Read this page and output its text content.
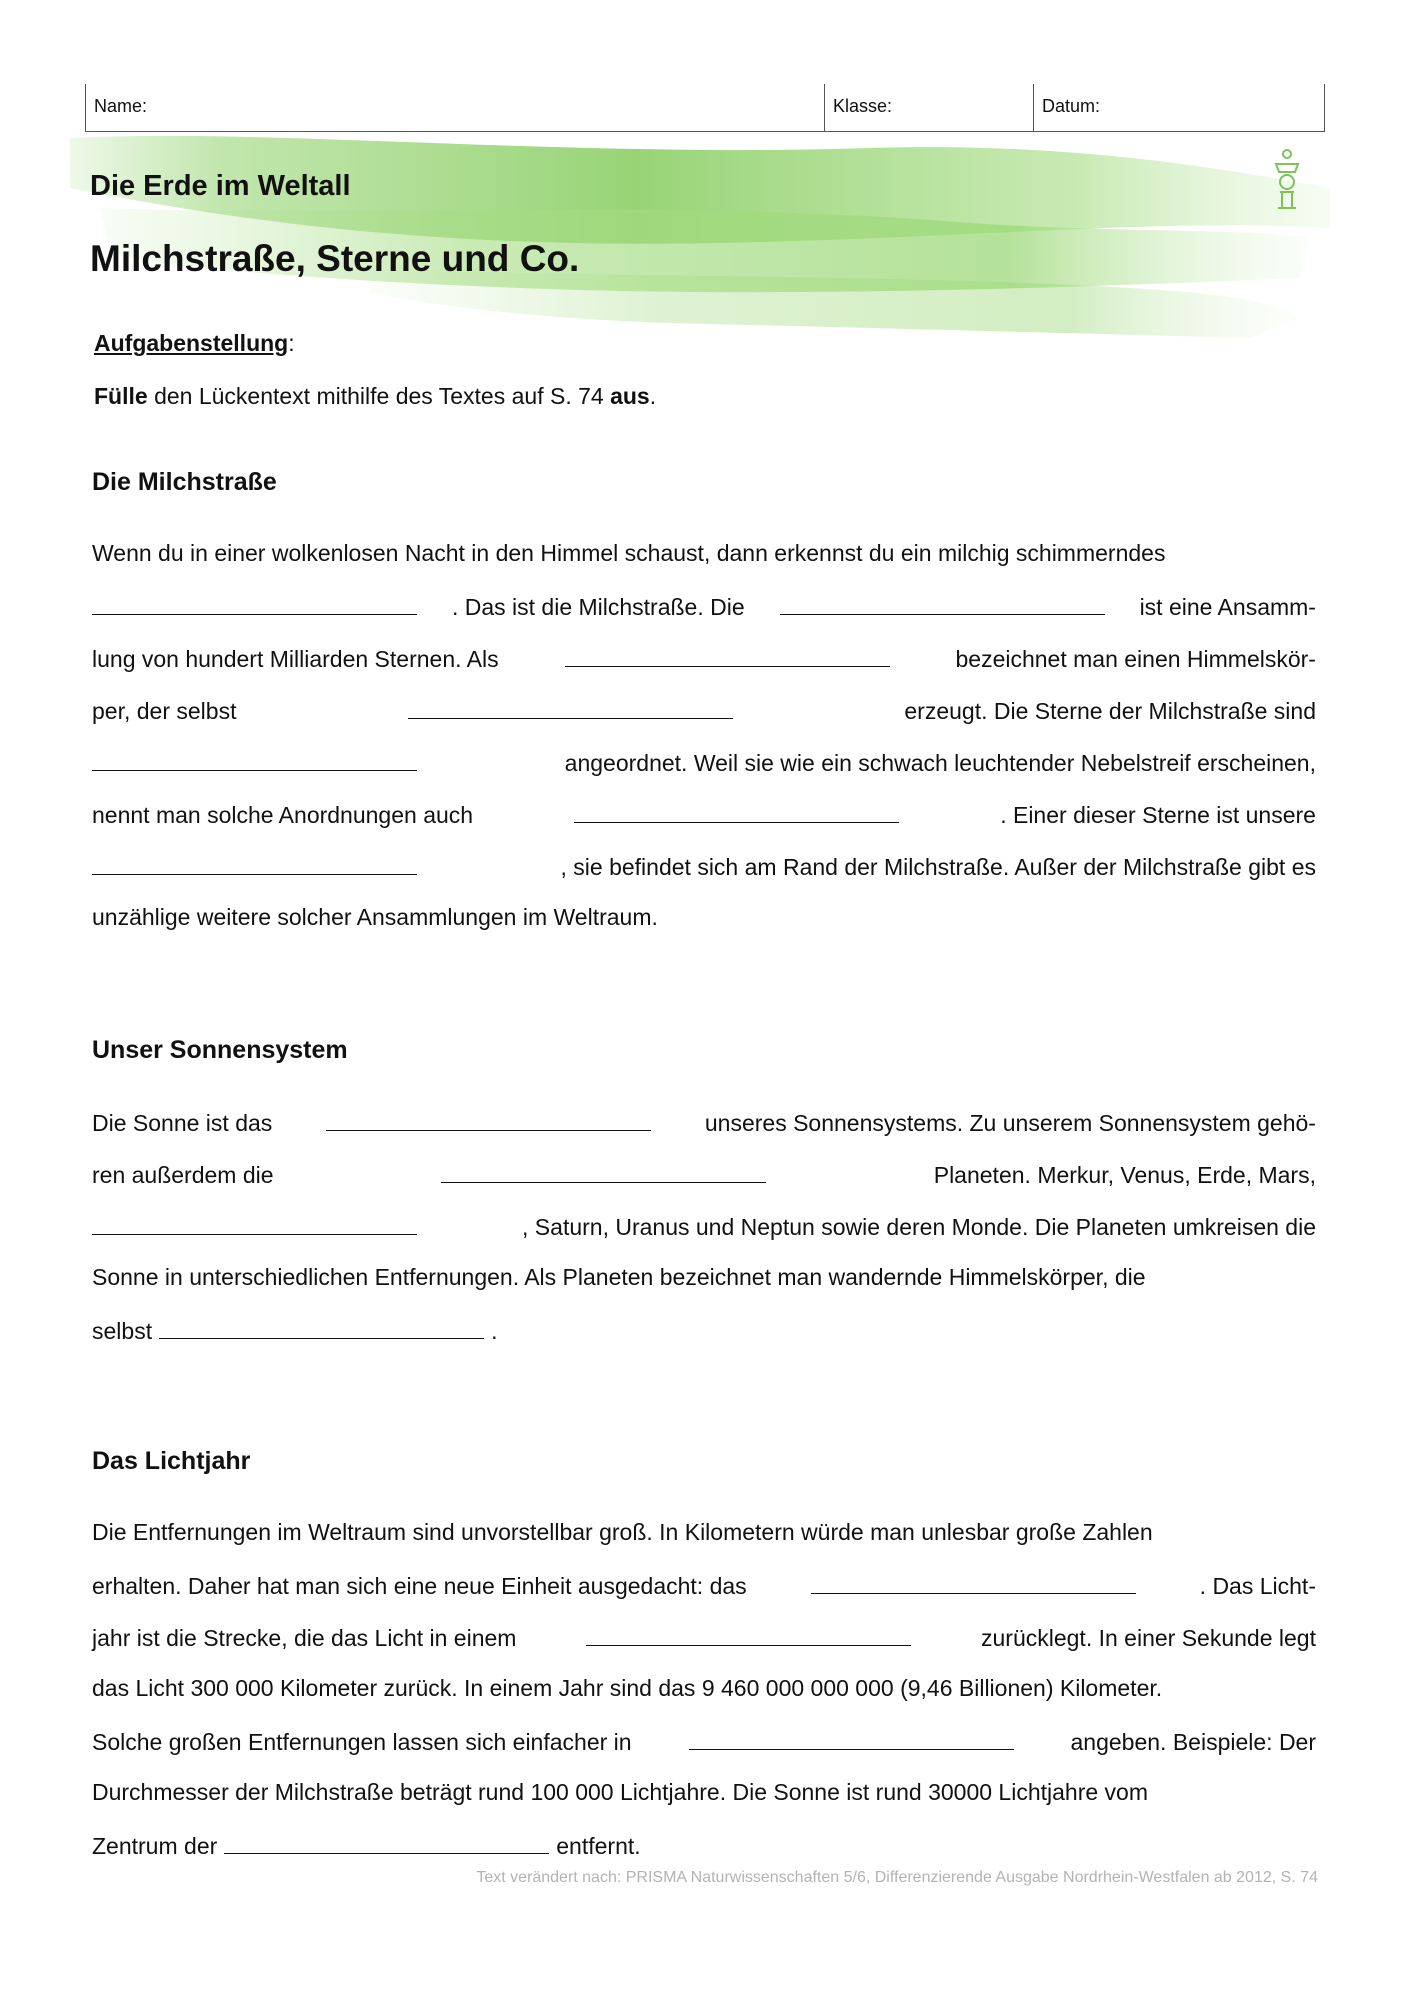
Name:	Klasse:	Datum:
Die Erde im Weltall
Milchstraße, Sterne und Co.
Aufgabenstellung:
Fülle den Lückentext mithilfe des Textes auf S. 74 aus.
Die Milchstraße
Wenn du in einer wolkenlosen Nacht in den Himmel schaust, dann erkennst du ein milchig schimmerndes
. Das ist die Milchstraße. Die	ist eine Ansamm-
lung von hundert Milliarden Sternen. Als	bezeichnet man einen Himmelskör-
per, der selbst	erzeugt. Die Sterne der Milchstraße sind
angeordnet. Weil sie wie ein schwach leuchtender Nebelstreif erscheinen,
nennt man solche Anordnungen auch	. Einer dieser Sterne ist unsere
, sie befindet sich am Rand der Milchstraße. Außer der Milchstraße gibt es
unzählige weitere solcher Ansammlungen im Weltraum.
Unser Sonnensystem
Die Sonne ist das	unseres Sonnensystems. Zu unserem Sonnensystem gehö-
ren außerdem die	Planeten. Merkur, Venus, Erde, Mars,
, Saturn, Uranus und Neptun sowie deren Monde. Die Planeten umkreisen die
Sonne in unterschiedlichen Entfernungen. Als Planeten bezeichnet man wandernde Himmelskörper, die
selbst	.
Das Lichtjahr
Die Entfernungen im Weltraum sind unvorstellbar groß. In Kilometern würde man unlesbar große Zahlen
erhalten. Daher hat man sich eine neue Einheit ausgedacht: das	. Das Licht-
jahr ist die Strecke, die das Licht in einem	zurücklegt. In einer Sekunde legt
das Licht 300 000 Kilometer zurück. In einem Jahr sind das 9 460 000 000 000 (9,46 Billionen) Kilometer.
Solche großen Entfernungen lassen sich einfacher in	angeben. Beispiele: Der
Durchmesser der Milchstraße beträgt rund 100 000 Lichtjahre. Die Sonne ist rund 30000 Lichtjahre vom
Zentrum der	entfernt.
Text verändert nach: PRISMA Naturwissenschaften 5/6, Differenzierende Ausgabe Nordrhein-Westfalen ab 2012, S. 74
